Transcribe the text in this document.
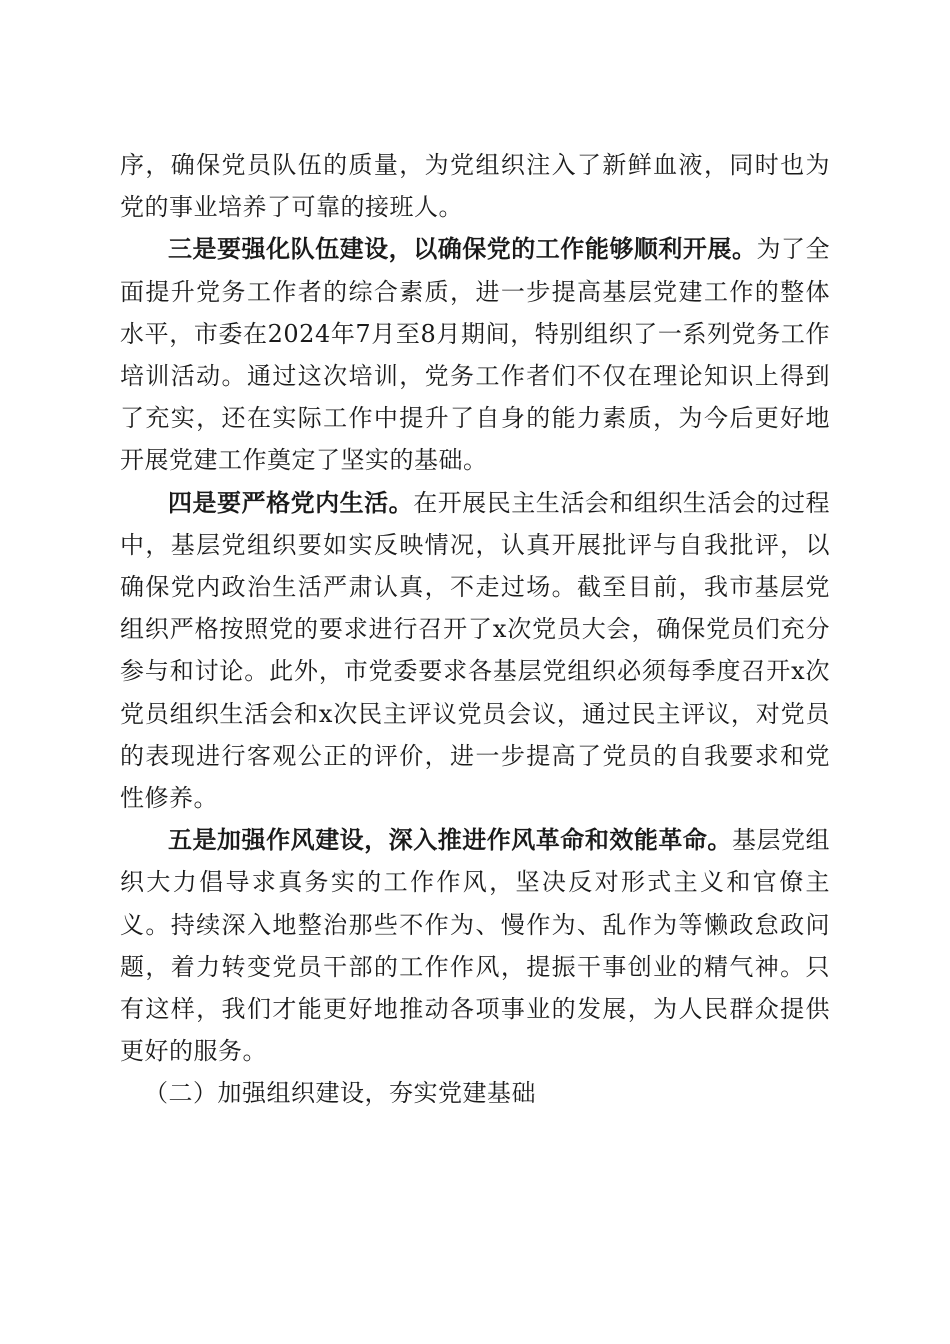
序，确保党员队伍的质量，为党组织注入了新鲜血液，同时也为党的事业培养了可靠的接班人。

三是要强化队伍建设，以确保党的工作能够顺利开展。为了全面提升党务工作者的综合素质，进一步提高基层党建工作的整体水平，市委在2024年7月至8月期间，特别组织了一系列党务工作培训活动。通过这次培训，党务工作者们不仅在理论知识上得到了充实，还在实际工作中提升了自身的能力素质，为今后更好地开展党建工作奠定了坚实的基础。

四是要严格党内生活。在开展民主生活会和组织生活会的过程中，基层党组织要如实反映情况，认真开展批评与自我批评，以确保党内政治生活严肃认真，不走过场。截至目前，我市基层党组织严格按照党的要求进行召开了x次党员大会，确保党员们充分参与和讨论。此外，市党委要求各基层党组织必须每季度召开x次党员组织生活会和x次民主评议党员会议，通过民主评议，对党员的表现进行客观公正的评价，进一步提高了党员的自我要求和党性修养。

五是加强作风建设，深入推进作风革命和效能革命。基层党组织大力倡导求真务实的工作作风，坚决反对形式主义和官僚主义。持续深入地整治那些不作为、慢作为、乱作为等懒政怠政问题，着力转变党员干部的工作作风，提振干事创业的精气神。只有这样，我们才能更好地推动各项事业的发展，为人民群众提供更好的服务。

（二）加强组织建设，夯实党建基础
